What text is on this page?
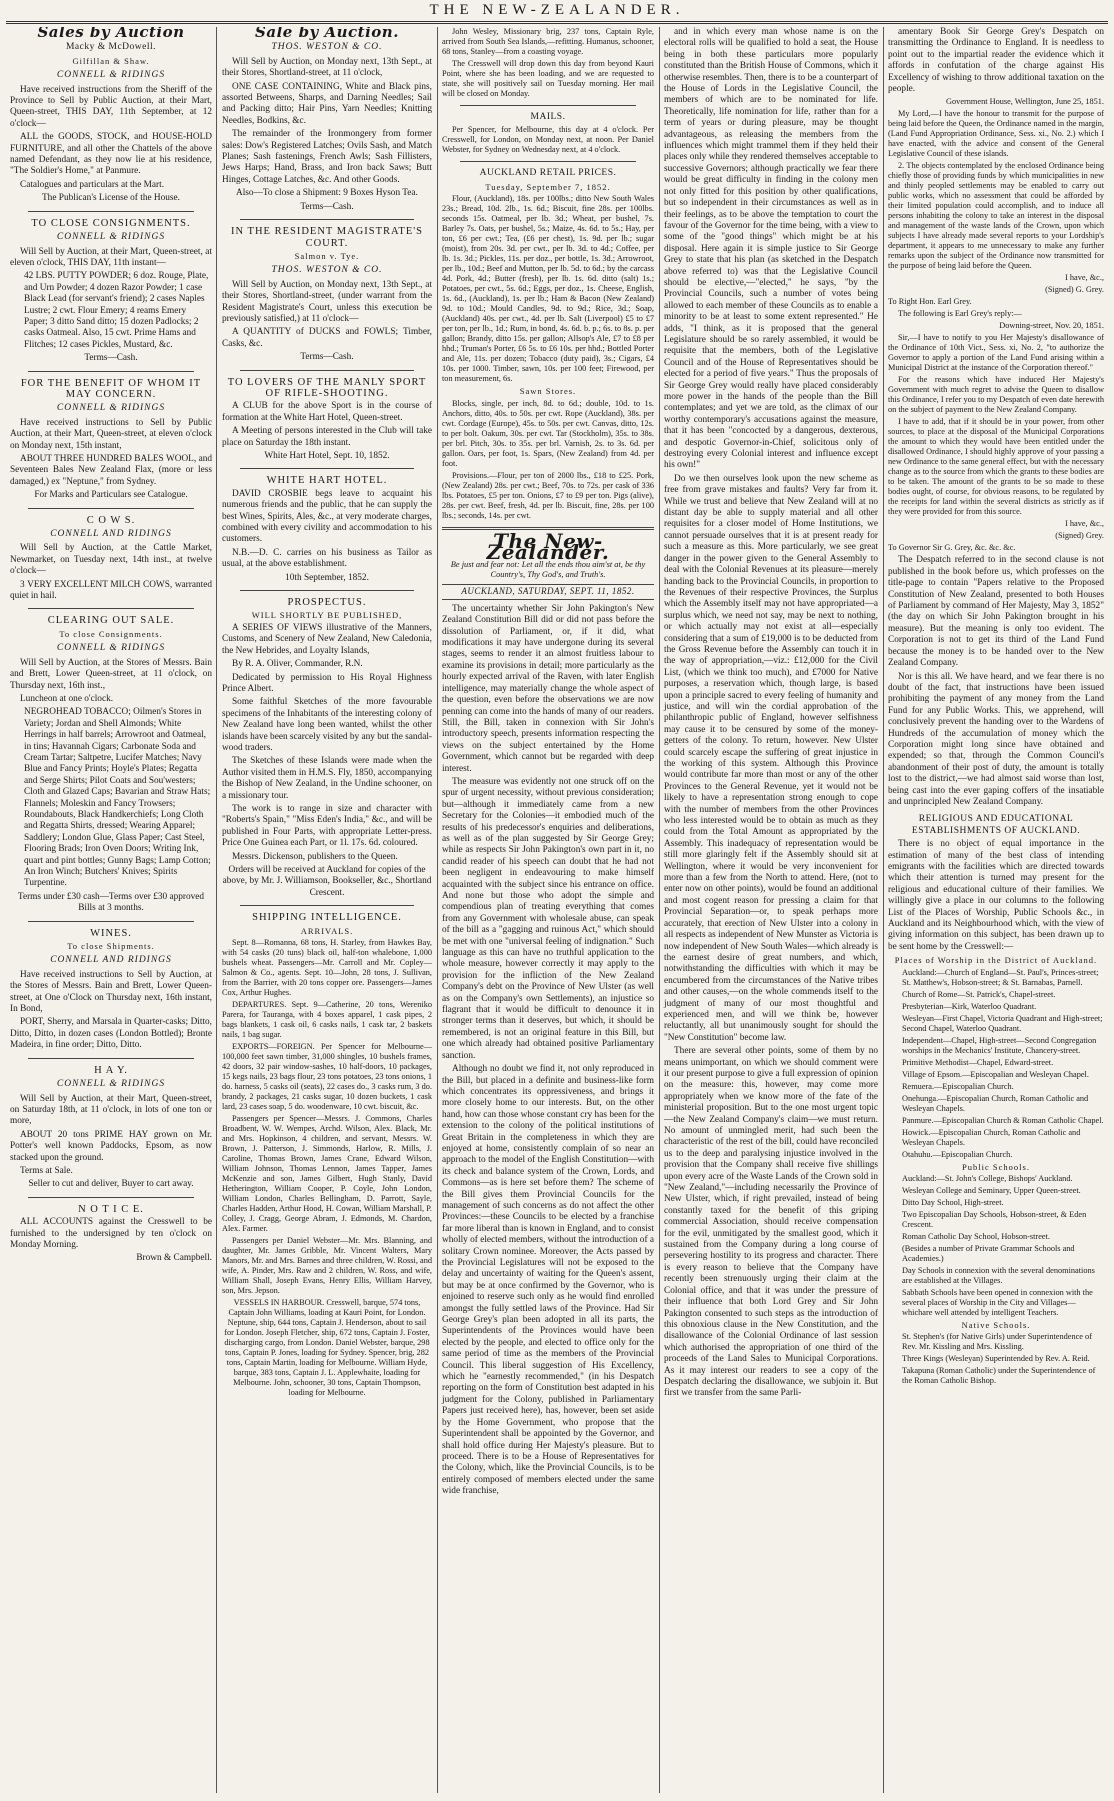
THE NEW-ZEALANDER.
Sales by Auction
Macky & McDowell.
Gilfillan & Shaw.
CONNELL & RIDINGS
Have received instructions from the Sheriff of the Province to Sell by Public Auction, at their Mart, Queen-street, THIS DAY, 11th September, at 12 o'clock—
ALL the GOODS, STOCK, and HOUSE-HOLD FURNITURE, and all other the Chattels of the above named Defendant, as they now lie at his residence, "The Soldier's Home," at Panmure.
Catalogues and particulars at the Mart.
The Publican's License of the House.
TO CLOSE CONSIGNMENTS.
CONNELL & RIDINGS
Will Sell by Auction, at their Mart, Queen-street, at eleven o'clock, THIS DAY, 11th instant—
42 LBS. PUTTY POWDER; 6 doz. Rouge, Plate, and Urn Powder; 4 dozen Razor Powder; 1 case Black Lead (for servant's friend); 2 cases Naples Lustre; 2 cwt. Flour Emery; 4 reams Emery Paper; 3 ditto Sand ditto; 15 dozen Padlocks; 2 casks Oatmeal. Also, 15 cwt. Prime Hams and Flitches; 12 cases Pickles, Mustard, &c.
Terms—Cash.
FOR THE BENEFIT OF WHOM IT MAY CONCERN.
CONNELL & RIDINGS
Have received instructions to Sell by Public Auction, at their Mart, Queen-street, at eleven o'clock on Monday next, 15th instant,
ABOUT THREE HUNDRED BALES WOOL, and Seventeen Bales New Zealand Flax, (more or less damaged,) ex "Neptune," from Sydney.
For Marks and Particulars see Catalogue.
C O W S.
CONNELL AND RIDINGS
Will Sell by Auction, at the Cattle Market, Newmarket, on Tuesday next, 14th inst., at twelve o'clock—
3 VERY EXCELLENT MILCH COWS, warranted quiet in hail.
CLEARING OUT SALE.
To close Consignments.
CONNELL & RIDINGS
Will Sell by Auction, at the Stores of Messrs. Bain and Brett, Lower Queen-street, at 11 o'clock, on Thursday next, 16th inst.,
Luncheon at one o'clock.
NEGROHEAD TOBACCO; Oilmen's Stores in Variety; Jordan and Shell Almonds; White Herrings in half barrels; Arrowroot and Oatmeal, in tins; Havannah Cigars; Carbonate Soda and Cream Tartar; Saltpetre, Lucifer Matches; Navy Blue and Fancy Prints; Hoyle's Plates; Regatta and Serge Shirts; Pilot Coats and Sou'westers; Cloth and Glazed Caps; Bavarian and Straw Hats; Flannels; Moleskin and Fancy Trowsers; Roundabouts, Black Handkerchiefs; Long Cloth and Regatta Shirts, dressed; Wearing Apparel; Saddlery; London Glue, Glass Paper; Cast Steel, Flooring Brads; Iron Oven Doors; Writing Ink, quart and pint bottles; Gunny Bags; Lamp Cotton; An Iron Winch; Butchers' Knives; Spirits Turpentine.
Terms under £30 cash—Terms over £30 approved Bills at 3 months.
WINES.
To close Shipments.
CONNELL AND RIDINGS
Have received instructions to Sell by Auction, at the Stores of Messrs. Bain and Brett, Lower Queen-street, at One o'Clock on Thursday next, 16th instant, In Bond,
PORT, Sherry, and Marsala in Quarter-casks; Ditto, Ditto, Ditto, in dozen cases (London Bottled); Bronte Madeira, in fine order; Ditto, Ditto.
H A Y.
CONNELL & RIDINGS
Will Sell by Auction, at their Mart, Queen-street, on Saturday 18th, at 11 o'clock, in lots of one ton or more,
ABOUT 20 tons PRIME HAY grown on Mr. Potter's well known Paddocks, Epsom, as now stacked upon the ground.
Terms at Sale.
Seller to cut and deliver, Buyer to cart away.
N O T I C E.
ALL ACCOUNTS against the Cresswell to be furnished to the undersigned by ten o'clock on Monday Morning.
Brown & Campbell.
Sale by Auction.
THOS. WESTON & CO.
Will Sell by Auction, on Monday next, 13th Sept., at their Stores, Shortland-street, at 11 o'clock,
ONE CASE CONTAINING, White and Black pins, assorted Betweens, Sharps, and Darning Needles; Sail and Packing ditto; Hair Pins, Yarn Needles; Knitting Needles, Bodkins, &c.
The remainder of the Ironmongery from former sales: Dow's Registered Latches; Ovils Sash, and Match Planes; Sash fastenings, French Awls; Sash Fillisters, Jews Harps; Hand, Brass, and Iron back Saws; Butt Hinges, Cottage Latches, &c. And other Goods.
Also—To close a Shipment: 9 Boxes Hyson Tea.
Terms—Cash.
IN THE RESIDENT MAGISTRATE'S COURT.
Salmon v. Tye.
THOS. WESTON & CO.
Will Sell by Auction, on Monday next, 13th Sept., at their Stores, Shortland-street, (under warrant from the Resident Magistrate's Court, unless this execution be previously satisfied,) at 11 o'clock—
A QUANTITY of DUCKS and FOWLS; Timber, Casks, &c.
Terms—Cash.
TO LOVERS OF THE MANLY SPORT OF RIFLE-SHOOTING.
A CLUB for the above Sport is in the course of formation at the White Hart Hotel, Queen-street.
A Meeting of persons interested in the Club will take place on Saturday the 18th instant.
White Hart Hotel, Sept. 10, 1852.
WHITE HART HOTEL.
DAVID CROSBIE begs leave to acquaint his numerous friends and the public, that he can supply the best Wines, Spirits, Ales, &c., at very moderate charges, combined with every civility and accommodation to his customers.
N.B.—D. C. carries on his business as Tailor as usual, at the above establishment.
10th September, 1852.
PROSPECTUS.
WILL SHORTLY BE PUBLISHED,
A SERIES OF VIEWS illustrative of the Manners, Customs, and Scenery of New Zealand, New Caledonia, the New Hebrides, and Loyalty Islands,
By R. A. Oliver, Commander, R.N.
Dedicated by permission to His Royal Highness Prince Albert.
Some faithful Sketches of the more favourable specimens of the Inhabitants of the interesting colony of New Zealand have long been wanted, whilst the other islands have been scarcely visited by any but the sandal-wood traders.
The Sketches of these Islands were made when the Author visited them in H.M.S. Fly, 1850, accompanying the Bishop of New Zealand, in the Undine schooner, on a missionary tour.
The work is to range in size and character with "Roberts's Spain," "Miss Eden's India," &c., and will be published in Four Parts, with appropriate Letter-press. Price One Guinea each Part, or 1l. 17s. 6d. coloured.
Messrs. Dickenson, publishers to the Queen.
Orders will be received at Auckland for copies of the above, by Mr. J. Williamson, Bookseller, &c., Shortland Crescent.
SHIPPING INTELLIGENCE.
ARRIVALS.
Sept. 8—Romanna, 68 tons, H. Starley, from Hawkes Bay, with 54 casks (20 tuns) black oil, half-ton whalebone, 1,000 bushels wheat. Passengers—Mr. Carroll and Mr. Copley—Salmon & Co., agents. Sept. 10—John, 28 tons, J. Sullivan, from the Barrier, with 20 tons copper ore. Passengers—James Cox, Arthur Hughes.
DEPARTURES. Sept. 9—Catherine, 20 tons, Wereniko Parera, for Tauranga, with 4 boxes apparel, 1 cask pipes, 2 bags blankets, 1 cask oil, 6 casks nails, 1 cask tar, 2 baskets nails, 1 bag sugar.
EXPORTS—FOREIGN. Per Spencer for Melbourne—100,000 feet sawn timber, 31,000 shingles, 10 bushels frames, 42 doors, 32 pair window-sashes, 10 half-doors, 10 packages, 15 kegs nails, 23 bags flour, 23 tons potatoes, 23 tons onions, 1 do. harness, 5 casks oil (seats), 22 cases do., 3 casks rum, 3 do. brandy, 2 packages, 21 casks sugar, 10 dozen buckets, 1 cask lard, 23 cases soap, 5 do. woodenware, 10 cwt. biscuit, &c.
Passengers per Spencer—Messrs. J. Commons, Charles Broadbent, W. W. Wempes, Archd. Wilson, Alex. Black, Mr. and Mrs. Hopkinson, 4 children, and servant, Messrs. W. Brown, J. Patterson, J. Simmonds, Harlow, R. Mills, J. Caroline, Thomas Brown, James Crane, Edward Wilson, William Johnson, Thomas Lennon, James Tapper, James McKenzie and son, James Gilbert, Hugh Stanly, David Hetherington, William Cooper, P. Coyle, John London, William London, Charles Bellingham, D. Parrott, Sayle, Charles Hadden, Arthur Hood, H. Cowan, William Marshall, P. Colley, J. Cragg, George Abram, J. Edmonds, M. Chardon, Alex. Farmer.
Passengers per Daniel Webster—Mr. Mrs. Blanning, and daughter, Mr. James Gribble, Mr. Vincent Walters, Mary Manors, Mr. and Mrs. Barnes and three children, W. Rossi, and wife, A. Pinder, Mrs. Raw and 2 children, W. Ross, and wife, William Shall, Joseph Evans, Henry Ellis, William Harvey, son, Mrs. Jepson.
VESSELS IN HARBOUR. Cresswell, barque, 574 tons, Captain John Williams, loading at Kauri Point, for London. Neptune, ship, 644 tons, Captain J. Henderson, about to sail for London. Joseph Fletcher, ship, 672 tons, Captain J. Foster, discharging cargo, from London. Daniel Webster, barque, 298 tons, Captain P. Jones, loading for Sydney. Spencer, brig, 282 tons, Captain Martin, loading for Melbourne. William Hyde, barque, 383 tons, Captain J. L. Applewhaite, loading for Melbourne. John, schooner, 30 tons, Captain Thompson, loading for Melbourne.
John Wesley, Missionary brig, 237 tons, Captain Ryle, arrived from South Sea Islands,—refitting. Humanus, schooner, 68 tons, Stanley—from a coasting voyage.
The Cresswell will drop down this day from beyond Kauri Point, where she has been loading, and we are requested to state, she will positively sail on Tuesday morning. Her mail will be closed on Monday.
MAILS.
Per Spencer, for Melbourne, this day at 4 o'clock. Per Cresswell, for London, on Monday next, at noon. Per Daniel Webster, for Sydney on Wednesday next, at 4 o'clock.
AUCKLAND RETAIL PRICES.
Tuesday, September 7, 1852.
Flour, (Auckland), 18s. per 100lbs.; ditto New South Wales 23s.; Bread, 10d. 2lb., 1s. 6d.; Biscuit, fine 28s. per 100lbs. seconds 15s. Oatmeal, per lb. 3d.; Wheat, per bushel, 7s. Barley 7s. Oats, per bushel, 5s.; Maize, 4s. 6d. to 5s.; Hay, per ton, £6 per cwt.; Tea, (£6 per chest), 1s. 9d. per lb.; sugar (moist), from 20s. 3d. per cwt., per lb. 3d. to 4d.; Coffee, per lb. 1s. 3d.; Pickles, 11s. per doz., per bottle, 1s. 3d.; Arrowroot, per lb., 10d.; Beef and Mutton, per lb. 5d. to 6d.; by the carcass 4d. Pork, 4d.; Butter (fresh), per lb. 1s. 6d. ditto (salt) 1s.; Potatoes, per cwt., 5s. 6d.; Eggs, per doz., 1s. Cheese, English, 1s. 6d., (Auckland), 1s. per lb.; Ham & Bacon (New Zealand) 9d. to 10d.; Mould Candles, 9d. to 9d.; Rice, 3d.; Soap, (Auckland) 40s. per cwt., 4d. per lb. Salt (Liverpool) £5 to £7 per ton, per lb., 1d.; Rum, in bond, 4s. 6d. b. p.; 6s. to 8s. p. per gallon; Brandy, ditto 15s. per gallon; Allsop's Ale, £7 to £8 per hhd.; Truman's Porter, £6 5s. to £6 10s. per hhd.; Bottled Porter and Ale, 11s. per dozen; Tobacco (duty paid), 3s.; Cigars, £4 10s. per 1000. Timber, sawn, 10s. per 100 feet; Firewood, per ton measurement, 6s.
Sawn Stores.
Blocks, single, per inch, 8d. to 6d.; double, 10d. to 1s. Anchors, ditto, 40s. to 50s. per cwt. Rope (Auckland), 38s. per cwt. Cordage (Europe), 45s. to 50s. per cwt. Canvas, ditto, 12s. to per bolt. Oakum, 30s. per cwt. Tar (Stockholm), 35s. to 38s. per brl. Pitch, 30s. to 35s. per brl. Varnish, 2s. to 3s. 6d. per gallon. Oars, per foot, 1s. Spars, (New Zealand) from 4d. per foot.
Provisions.—Flour, per ton of 2000 lbs., £18 to £25. Pork, (New Zealand) 28s. per cwt.; Beef, 70s. to 72s. per cask of 336 lbs. Potatoes, £5 per ton. Onions, £7 to £9 per ton. Pigs (alive), 28s. per cwt. Beef, fresh, 4d. per lb. Biscuit, fine, 28s. per 100 lbs.; seconds, 14s. per cwt.
The New-Zealander.
Be just and fear not: Let all the ends thou aim'st at, be thy Country's, Thy God's, and Truth's.
AUCKLAND, SATURDAY, SEPT. 11, 1852.
The uncertainty whether Sir John Pakington's New Zealand Constitution Bill did or did not pass before the dissolution of Parliament, or, if it did, what modifications it may have undergone during its several stages, seems to render it an almost fruitless labour to examine its provisions in detail; more particularly as the hourly expected arrival of the Raven, with later English intelligence, may materially change the whole aspect of the question, even before the observations we are now penning can come into the hands of many of our readers. Still, the Bill, taken in connexion with Sir John's introductory speech, presents information respecting the views on the subject entertained by the Home Government, which cannot but be regarded with deep interest.
The measure was evidently not one struck off on the spur of urgent necessity, without previous consideration; but—although it immediately came from a new Secretary for the Colonies—it embodied much of the results of his predecessor's enquiries and deliberations, as well as of the plan suggested by Sir George Grey; while as respects Sir John Pakington's own part in it, no candid reader of his speech can doubt that he had not been negligent in endeavouring to make himself acquainted with the subject since his entrance on office. And none but those who adopt the simple and compendious plan of treating everything that comes from any Government with wholesale abuse, can speak of the bill as a "gagging and ruinous Act," which should be met with one "universal feeling of indignation." Such language as this can have no truthful application to the whole measure, however correctly it may apply to the provision for the infliction of the New Zealand Company's debt on the Province of New Ulster (as well as on the Company's own Settlements), an injustice so flagrant that it would be difficult to denounce it in stronger terms than it deserves, but which, it should be remembered, is not an original feature in this Bill, but one which already had obtained positive Parliamentary sanction.
Although no doubt we find it, not only reproduced in the Bill, but placed in a definite and business-like form which concentrates its oppressiveness, and brings it more closely home to our interests. But, on the other hand, how can those whose constant cry has been for the extension to the colony of the political institutions of Great Britain in the completeness in which they are enjoyed at home, consistently complain of so near an approach to the model of the English Constitution—with its check and balance system of the Crown, Lords, and Commons—as is here set before them? The scheme of the Bill gives them Provincial Councils for the management of such concerns as do not affect the other Provinces:—these Councils to be elected by a franchise far more liberal than is known in England, and to consist wholly of elected members, without the introduction of a solitary Crown nominee. Moreover, the Acts passed by the Provincial Legislatures will not be exposed to the delay and uncertainty of waiting for the Queen's assent, but may be at once confirmed by the Governor, who is enjoined to reserve such only as he would find enrolled amongst the fully settled laws of the Province. Had Sir George Grey's plan been adopted in all its parts, the Superintendents of the Provinces would have been elected by the people, and elected to office only for the same period of time as the members of the Provincial Council. This liberal suggestion of His Excellency, which he "earnestly recommended," (in his Despatch reporting on the form of Constitution best adapted in his judgment for the Colony, published in Parliamentary Papers just received here), has, however, been set aside by the Home Government, who propose that the Superintendent shall be appointed by the Governor, and shall hold office during Her Majesty's pleasure. But to proceed. There is to be a House of Representatives for the Colony, which, like the Provincial Councils, is to be entirely composed of members elected under the same wide franchise,
and in which every man whose name is on the electoral rolls will be qualified to hold a seat, the House being in both these particulars more popularly constituted than the British House of Commons, which it otherwise resembles. Then, there is to be a counterpart of the House of Lords in the Legislative Council, the members of which are to be nominated for life. Theoretically, life nomination for life, rather than for a term of years or during pleasure, may be thought advantageous, as releasing the members from the influences which might trammel them if they held their places only while they rendered themselves acceptable to successive Governors; although practically we fear there would be great difficulty in finding in the colony men not only fitted for this position by other qualifications, but so independent in their circumstances as well as in their feelings, as to be above the temptation to court the favour of the Governor for the time being, with a view to some of the "good things" which might be at his disposal. Here again it is simple justice to Sir George Grey to state that his plan (as sketched in the Despatch above referred to) was that the Legislative Council should be elective,—"elected," he says, "by the Provincial Councils, such a number of votes being allowed to each member of these Councils as to enable a minority to be at least to some extent represented." He adds, "I think, as it is proposed that the general Legislature should be so rarely assembled, it would be requisite that the members, both of the Legislative Council and of the House of Representatives should be elected for a period of five years." Thus the proposals of Sir George Grey would really have placed considerably more power in the hands of the people than the Bill contemplates; and yet we are told, as the climax of our worthy contemporary's accusations against the measure, that it has been "concocted by a dangerous, dexterous, and despotic Governor-in-Chief, solicitous only of destroying every Colonial interest and influence except his own!"
Do we then ourselves look upon the new scheme as free from grave mistakes and faults? Very far from it. While we trust and believe that New Zealand will at no distant day be able to supply material and all other requisites for a closer model of Home Institutions, we cannot persuade ourselves that it is at present ready for such a measure as this. More particularly, we see great danger in the power given to the General Assembly to deal with the Colonial Revenues at its pleasure—merely handing back to the Provincial Councils, in proportion to the Revenues of their respective Provinces, the Surplus which the Assembly itself may not have appropriated—a surplus which, we need not say, may be next to nothing, or which actually may not exist at all—especially considering that a sum of £19,000 is to be deducted from the Gross Revenue before the Assembly can touch it in the way of appropriation,—viz.: £12,000 for the Civil List, (which we think too much), and £7000 for Native purposes, a reservation which, though large, is based upon a principle sacred to every feeling of humanity and justice, and will win the cordial approbation of the philanthropic public of England, however selfishness may cause it to be censured by some of the money-getters of the colony. To return, however. New Ulster could scarcely escape the suffering of great injustice in the working of this system. Although this Province would contribute far more than most or any of the other Provinces to the General Revenue, yet it would not be likely to have a representation strong enough to cope with the number of members from the other Provinces who less interested would be to obtain as much as they could from the Total Amount as appropriated by the Assembly. This inadequacy of representation would be still more glaringly felt if the Assembly should sit at Wellington, where it would be very inconvenient for more than a few from the North to attend. Here, (not to enter now on other points), would be found an additional and most cogent reason for pressing a claim for that Provincial Separation—or, to speak perhaps more accurately, that erection of New Ulster into a colony in all respects as independent of New Munster as Victoria is now independent of New South Wales—which already is the earnest desire of great numbers, and which, notwithstanding the difficulties with which it may be encumbered from the circumstances of the Native tribes and other causes,—on the whole commends itself to the judgment of many of our most thoughtful and experienced men, and will we think be, however reluctantly, all but unanimously sought for should the "New Constitution" become law.
There are several other points, some of them by no means unimportant, on which we should comment were it our present purpose to give a full expression of opinion on the measure: this, however, may come more appropriately when we know more of the fate of the ministerial proposition. But to the one most urgent topic—the New Zealand Company's claim—we must return. No amount of unmingled merit, had such been the characteristic of the rest of the bill, could have reconciled us to the deep and paralysing injustice involved in the provision that the Company shall receive five shillings upon every acre of the Waste Lands of the Crown sold in "New Zealand,"—including necessarily the Province of New Ulster, which, if right prevailed, instead of being constantly taxed for the benefit of this griping commercial Association, should receive compensation for the evil, unmitigated by the smallest good, which it sustained from the Company during a long course of persevering hostility to its progress and character. There is every reason to believe that the Company have recently been strenuously urging their claim at the Colonial office, and that it was under the pressure of their influence that both Lord Grey and Sir John Pakington consented to such steps as the introduction of this obnoxious clause in the New Constitution, and the disallowance of the Colonial Ordinance of last session which authorised the appropriation of one third of the proceeds of the Land Sales to Municipal Corporations. As it may interest our readers to see a copy of the Despatch declaring the disallowance, we subjoin it. But first we transfer from the same Parli-
amentary Book Sir George Grey's Despatch on transmitting the Ordinance to England. It is needless to point out to the impartial reader the evidence which it affords in confutation of the charge against His Excellency of wishing to throw additional taxation on the people.
Government House, Wellington, June 25, 1851.
My Lord,—I have the honour to transmit for the purpose of being laid before the Queen, the Ordinance named in the margin, (Land Fund Appropriation Ordinance, Sess. xi., No. 2.) which I have enacted, with the advice and consent of the General Legislative Council of these islands.
2. The objects contemplated by the enclosed Ordinance being chiefly those of providing funds by which municipalities in new and thinly peopled settlements may be enabled to carry out public works, which no assessment that could be afforded by their limited population could accomplish, and to induce all persons inhabiting the colony to take an interest in the disposal and management of the waste lands of the Crown, upon which subjects I have already made several reports to your Lordship's department, it appears to me unnecessary to make any further remarks upon the subject of the Ordinance now transmitted for the purpose of being laid before the Queen.
I have, &c.,
(Signed) G. Grey.
To Right Hon. Earl Grey.
The following is Earl Grey's reply:—
Downing-street, Nov. 20, 1851.
Sir,—I have to notify to you Her Majesty's disallowance of the Ordinance of 10th Vict., Sess. xi, No. 2, "to authorize the Governor to apply a portion of the Land Fund arising within a Municipal District at the instance of the Corporation thereof."
For the reasons which have induced Her Majesty's Government with much regret to advise the Queen to disallow this Ordinance, I refer you to my Despatch of even date herewith on the subject of payment to the New Zealand Company.
I have to add, that if it should be in your power, from other sources, to place at the disposal of the Municipal Corporations the amount to which they would have been entitled under the disallowed Ordinance, I should highly approve of your passing a new Ordinance to the same general effect, but with the necessary change as to the source from which the grants to these bodies are to be taken. The amount of the grants to be so made to these bodies ought, of course, for obvious reasons, to be regulated by the receipts for land within the several districts as strictly as if they were provided for from this source.
I have, &c.,
(Signed) Grey.
To Governor Sir G. Grey, &c. &c. &c.
The Despatch referred to in the second clause is not published in the book before us, which professes on the title-page to contain "Papers relative to the Proposed Constitution of New Zealand, presented to both Houses of Parliament by command of Her Majesty, May 3, 1852" (the day on which Sir John Pakington brought in his measure). But the meaning is only too evident. The Corporation is not to get its third of the Land Fund because the money is to be handed over to the New Zealand Company.
Nor is this all. We have heard, and we fear there is no doubt of the fact, that instructions have been issued prohibiting the payment of any money from the Land Fund for any Public Works. This, we apprehend, will conclusively prevent the handing over to the Wardens of Hundreds of the accumulation of money which the Corporation might long since have obtained and expended; so that, through the Common Council's abandonment of their post of duty, the amount is totally lost to the district,—we had almost said worse than lost, being cast into the ever gaping coffers of the insatiable and unprincipled New Zealand Company.
RELIGIOUS AND EDUCATIONAL ESTABLISHMENTS OF AUCKLAND.
There is no object of equal importance in the estimation of many of the best class of intending emigrants with the facilities which are directed towards which their attention is turned may present for the religious and educational culture of their families. We willingly give a place in our columns to the following List of the Places of Worship, Public Schools &c., in Auckland and its Neighbourhood which, with the view of giving information on this subject, has been drawn up to be sent home by the Cresswell:—
Places of Worship in the District of Auckland.
Auckland:—Church of England—St. Paul's, Princes-street; St. Matthew's, Hobson-street; & St. Barnabas, Parnell.
Church of Rome—St. Patrick's, Chapel-street.
Presbyterian—Kirk, Waterloo Quadrant.
Wesleyan—First Chapel, Victoria Quadrant and High-street; Second Chapel, Waterloo Quadrant.
Independent—Chapel, High-street—Second Congregation worships in the Mechanics' Institute, Chancery-street.
Primitive Methodist—Chapel, Edward-street.
Village of Epsom.—Episcopalian and Wesleyan Chapel.
Remuera.—Episcopalian Church.
Onehunga.—Episcopalian Church, Roman Catholic and Wesleyan Chapels.
Panmure.—Episcopalian Church & Roman Catholic Chapel.
Howick.—Episcopalian Church, Roman Catholic and Wesleyan Chapels.
Otahuhu.—Episcopalian Church.
Public Schools.
Auckland:—St. John's College, Bishops' Auckland.
Wesleyan College and Seminary, Upper Queen-street.
Ditto Day School, High-street.
Two Episcopalian Day Schools, Hobson-street, & Eden Crescent.
Roman Catholic Day School, Hobson-street.
(Besides a number of Private Grammar Schools and Academies.)
Day Schools in connexion with the several denominations are established at the Villages.
Sabbath Schools have been opened in connexion with the several places of Worship in the City and Villages—whichare well attended by intelligent Teachers.
Native Schools.
St. Stephen's (for Native Girls) under Superintendence of Rev. Mr. Kissling and Mrs. Kissling.
Three Kings (Wesleyan) Superintended by Rev. A. Reid.
Takapuna (Roman Catholic) under the Superintendence of the Roman Catholic Bishop.
